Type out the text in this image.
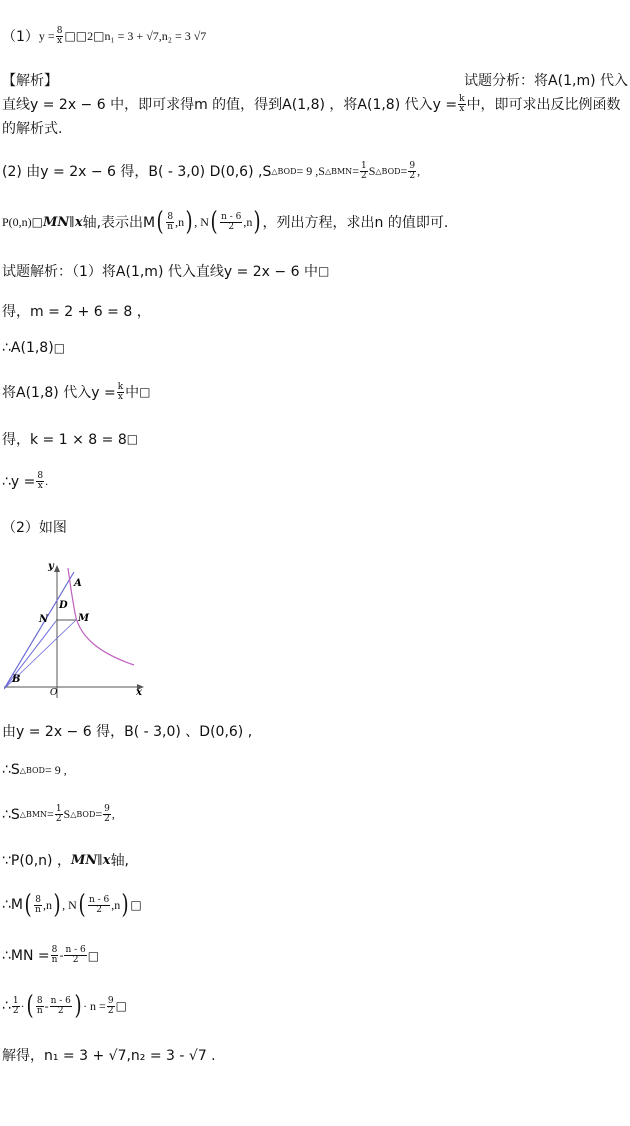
（1） $y = \frac{8}{x}$ □□ 2 □ n₁ = 3 + √7,n₂ = 3 √7
【解析】	试题分析：将A(1,m) 代入
直线y = 2x − 6 中，即可求得m 的值，得到A(1,8) ，将A(1,8) 代入$y = \frac{k}{x}$ 中，即可求出反比例函数
的解析式.
(2) 由y = 2x − 6 得，B( - 3,0) D(0,6) ,S △BOD = 9 ,S △BMN = $\frac{1}{2}$ S △BOD = $\frac{9}{2}$ ,
P(0,n) □ MN ∥ x 轴,表示出M ( $\frac{8}{n} ,n$ ) , N ( $\frac{n - 6}{2} ,n$ ) ，列出方程，求出n 的值即可.
试题解析：（1）将A(1,m) 代入直线y = 2x − 6 中 □
得，m = 2 + 6 = 8 ，
∴A(1,8) □
将A(1,8) 代入$y = \frac{k}{x}$ 中 □
得，k = 1 × 8 = 8 □
∴y = $\frac{8}{x}$ .
（2）如图
y
A
D
N	M
B
O	x
由y = 2x − 6 得，B( - 3,0) 、D(0,6) ,
∴S △BOD = 9 ,
∴S △BMN = $\frac{1}{2}$ S △BOD = $\frac{9}{2}$ ,
∵P(0,n) ， MN ∥ x 轴,
∴M ( $\frac{8}{n} ,n$ ) , N ( $\frac{n - 6}{2} ,n$ ) □
∴MN = $\frac{8}{n} - \frac{n - 6}{2}$ □
∴ $\frac{1}{2}$ · ( $\frac{8}{n} - \frac{n - 6}{2}$ ) · $n = \frac{9}{2}$ □
解得，n₁ = 3 + √7,n₂ = 3 - √7 .
